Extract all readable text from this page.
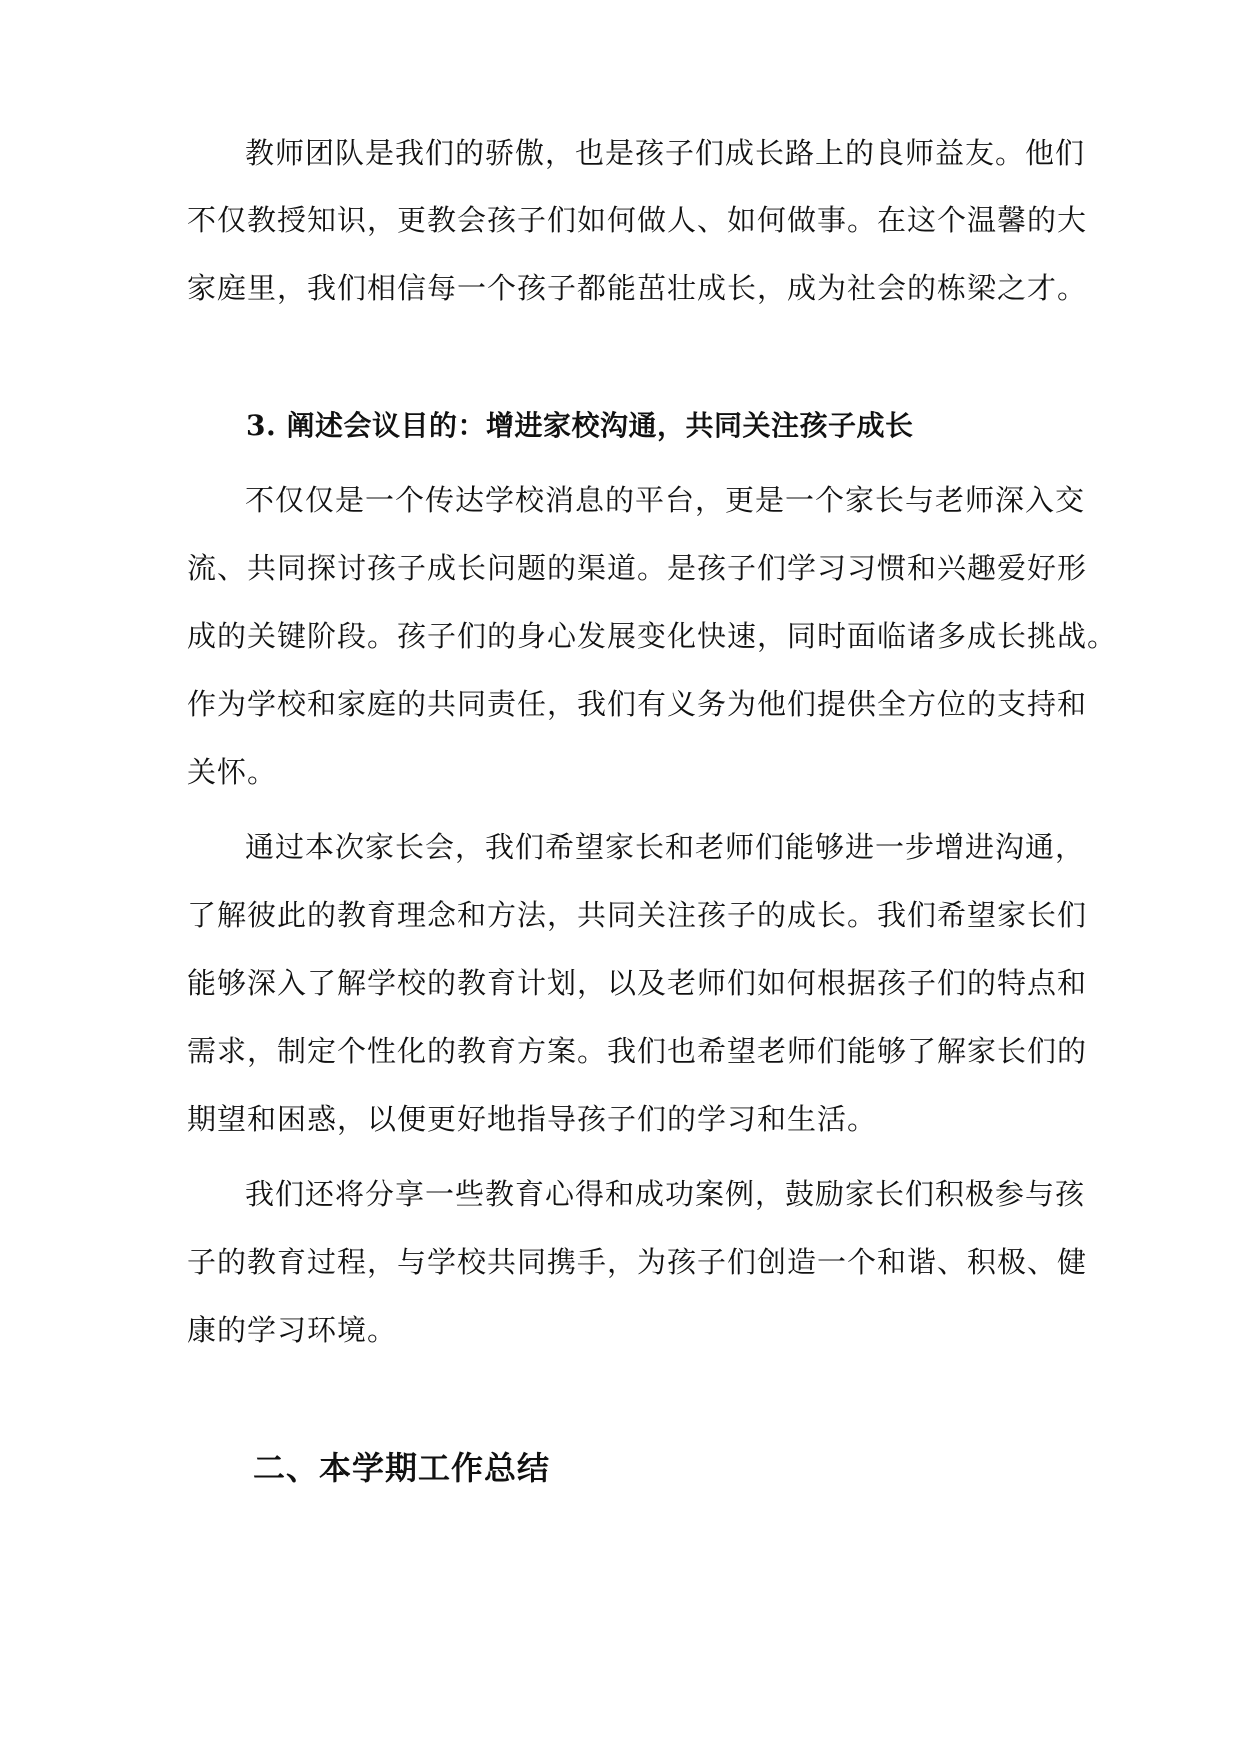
教师团队是我们的骄傲，也是孩子们成长路上的良师益友。他们
不仅教授知识，更教会孩子们如何做人、如何做事。在这个温馨的大
家庭里，我们相信每一个孩子都能茁壮成长，成为社会的栋梁之才。
3. 阐述会议目的：增进家校沟通，共同关注孩子成长
不仅仅是一个传达学校消息的平台，更是一个家长与老师深入交
流、共同探讨孩子成长问题的渠道。是孩子们学习习惯和兴趣爱好形
成的关键阶段。孩子们的身心发展变化快速，同时面临诸多成长挑战。
作为学校和家庭的共同责任，我们有义务为他们提供全方位的支持和
关怀。
通过本次家长会，我们希望家长和老师们能够进一步增进沟通，
了解彼此的教育理念和方法，共同关注孩子的成长。我们希望家长们
能够深入了解学校的教育计划，以及老师们如何根据孩子们的特点和
需求，制定个性化的教育方案。我们也希望老师们能够了解家长们的
期望和困惑，以便更好地指导孩子们的学习和生活。
我们还将分享一些教育心得和成功案例，鼓励家长们积极参与孩
子的教育过程，与学校共同携手，为孩子们创造一个和谐、积极、健
康的学习环境。
二、本学期工作总结
